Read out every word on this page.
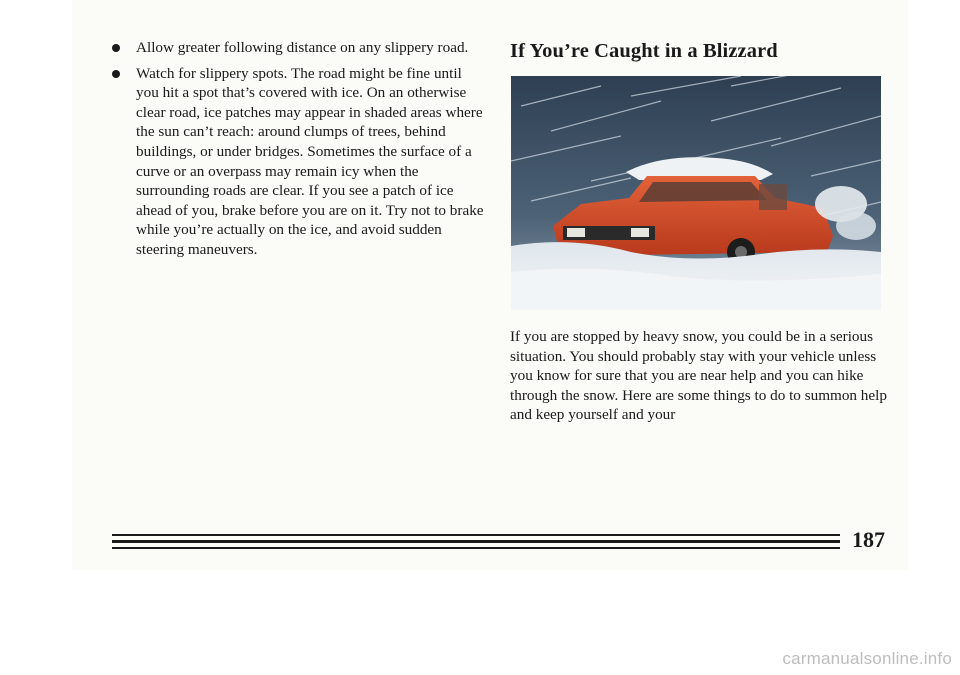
Allow greater following distance on any slippery road.
Watch for slippery spots. The road might be fine until you hit a spot that’s covered with ice. On an otherwise clear road, ice patches may appear in shaded areas where the sun can’t reach: around clumps of trees, behind buildings, or under bridges. Sometimes the surface of a curve or an overpass may remain icy when the surrounding roads are clear. If you see a patch of ice ahead of you, brake before you are on it. Try not to brake while you’re actually on the ice, and avoid sudden steering maneuvers.
If You’re Caught in a Blizzard

If you are stopped by heavy snow, you could be in a serious situation. You should probably stay with your vehicle unless you know for sure that you are near help and you can hike through the snow. Here are some things to do to summon help and keep yourself and your

187
carmanualsonline.info
